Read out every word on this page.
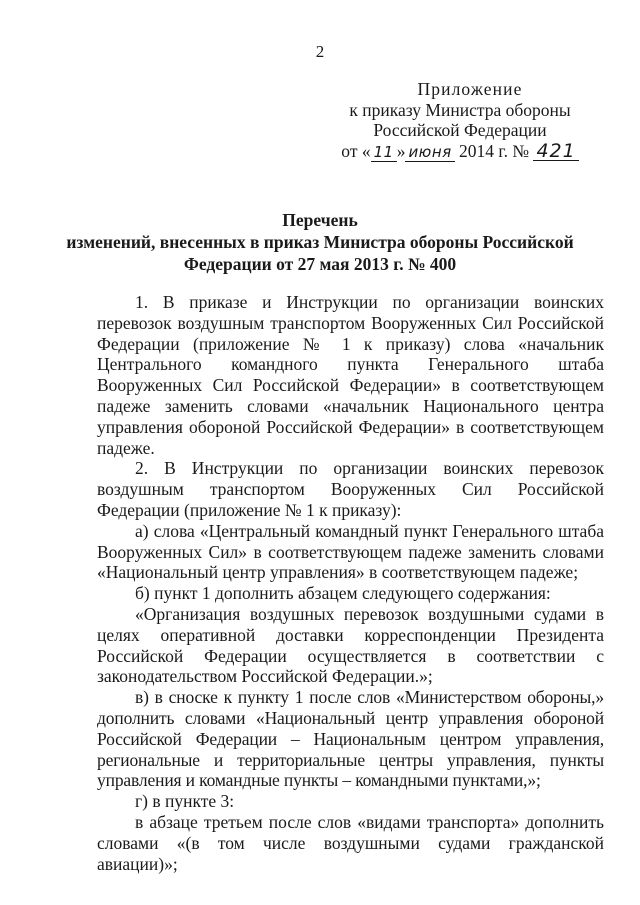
2
Приложение
к приказу Министра обороны
Российской Федерации
от « 11 » июня 2014 г. № 421
Перечень
изменений, внесенных в приказ Министра обороны Российской
Федерации от 27 мая 2013 г. № 400

1. В приказе и Инструкции по организации воинских перевозок воздушным транспортом Вооруженных Сил Российской Федерации (приложение № 1 к приказу) слова «начальник Центрального командного пункта Генерального штаба Вооруженных Сил Российской Федерации» в соответствующем падеже заменить словами «начальник Национального центра управления обороной Российской Федерации» в соответствующем падеже.

2. В Инструкции по организации воинских перевозок воздушным транспортом Вооруженных Сил Российской Федерации (приложение № 1 к приказу):

а) слова «Центральный командный пункт Генерального штаба Вооруженных Сил» в соответствующем падеже заменить словами «Национальный центр управления» в соответствующем падеже;

б) пункт 1 дополнить абзацем следующего содержания:

«Организация воздушных перевозок воздушными судами в целях оперативной доставки корреспонденции Президента Российской Федерации осуществляется в соответствии с законодательством Российской Федерации.»;

в) в сноске к пункту 1 после слов «Министерством обороны,» дополнить словами «Национальный центр управления обороной Российской Федерации – Национальным центром управления, региональные и территориальные центры управления, пункты управления и командные пункты – командными пунктами,»;

г) в пункте 3:

в абзаце третьем после слов «видами транспорта» дополнить словами «(в том числе воздушными судами гражданской авиации)»;
